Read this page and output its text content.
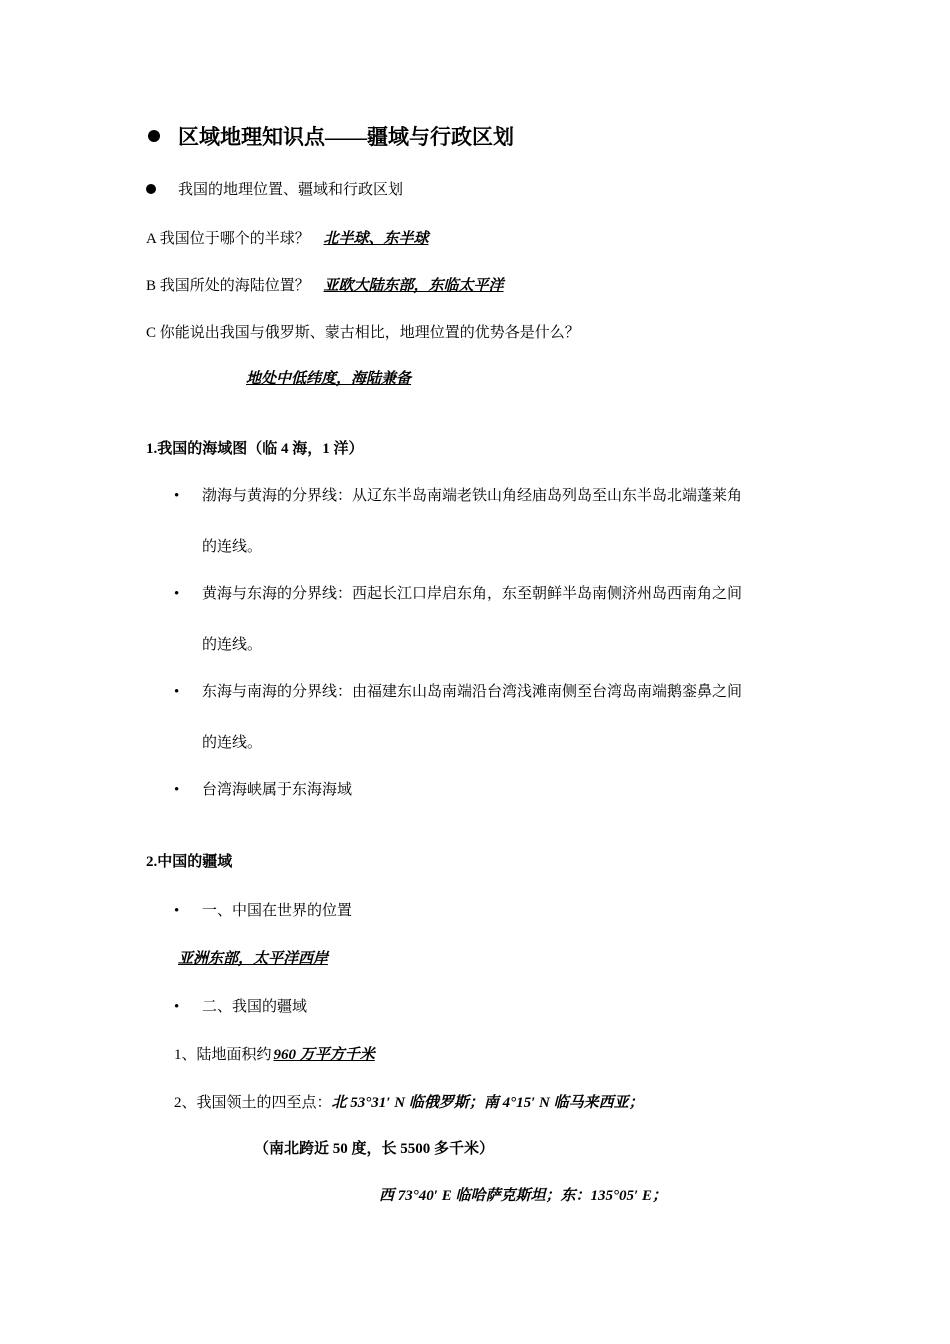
区域地理知识点——疆域与行政区划
我国的地理位置、疆域和行政区划
A 我国位于哪个的半球？ 北半球、东半球
B 我国所处的海陆位置？ 亚欧大陆东部，东临太平洋
C 你能说出我国与俄罗斯、蒙古相比，地理位置的优势各是什么？
地处中低纬度，海陆兼备
1.我国的海域图（临 4 海，1 洋）
• 渤海与黄海的分界线：从辽东半岛南端老铁山角经庙岛列岛至山东半岛北端蓬莱角
的连线。
• 黄海与东海的分界线：西起长江口岸启东角，东至朝鲜半岛南侧济州岛西南角之间
的连线。
• 东海与南海的分界线：由福建东山岛南端沿台湾浅滩南侧至台湾岛南端鹅銮鼻之间
的连线。
• 台湾海峡属于东海海域
2.中国的疆域
• 一、中国在世界的位置
亚洲东部，太平洋西岸
• 二、我国的疆域
1、陆地面积约 960 万平方千米
2、我国领土的四至点：北 53°31′ N 临俄罗斯；南 4°15′ N 临马来西亚；
（南北跨近 50 度，长 5500 多千米）
西 73°40′ E 临哈萨克斯坦；东：135°05′ E；
